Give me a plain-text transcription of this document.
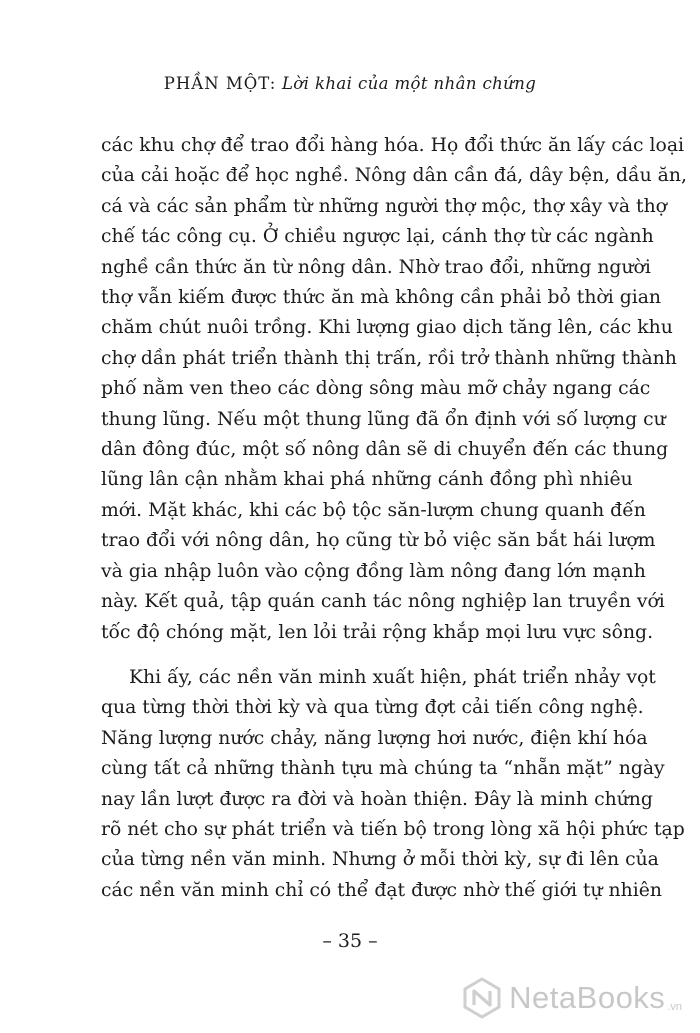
PHẦN MỘT: Lời khai của một nhân chứng

các khu chợ để trao đổi hàng hóa. Họ đổi thức ăn lấy các loại
của cải hoặc để học nghề. Nông dân cần đá, dây bện, dầu ăn,
cá và các sản phẩm từ những người thợ mộc, thợ xây và thợ
chế tác công cụ. Ở chiều ngược lại, cánh thợ từ các ngành
nghề cần thức ăn từ nông dân. Nhờ trao đổi, những người
thợ vẫn kiếm được thức ăn mà không cần phải bỏ thời gian
chăm chút nuôi trồng. Khi lượng giao dịch tăng lên, các khu
chợ dần phát triển thành thị trấn, rồi trở thành những thành
phố nằm ven theo các dòng sông màu mỡ chảy ngang các
thung lũng. Nếu một thung lũng đã ổn định với số lượng cư
dân đông đúc, một số nông dân sẽ di chuyển đến các thung
lũng lân cận nhằm khai phá những cánh đồng phì nhiêu
mới. Mặt khác, khi các bộ tộc săn-lượm chung quanh đến
trao đổi với nông dân, họ cũng từ bỏ việc săn bắt hái lượm
và gia nhập luôn vào cộng đồng làm nông đang lớn mạnh
này. Kết quả, tập quán canh tác nông nghiệp lan truyền với
tốc độ chóng mặt, len lỏi trải rộng khắp mọi lưu vực sông.

Khi ấy, các nền văn minh xuất hiện, phát triển nhảy vọt
qua từng thời thời kỳ và qua từng đợt cải tiến công nghệ.
Năng lượng nước chảy, năng lượng hơi nước, điện khí hóa
cùng tất cả những thành tựu mà chúng ta “nhẵn mặt” ngày
nay lần lượt được ra đời và hoàn thiện. Đây là minh chứng
rõ nét cho sự phát triển và tiến bộ trong lòng xã hội phức tạp
của từng nền văn minh. Nhưng ở mỗi thời kỳ, sự đi lên của
các nền văn minh chỉ có thể đạt được nhờ thế giới tự nhiên

– 35 –
NetaBooks .vn
